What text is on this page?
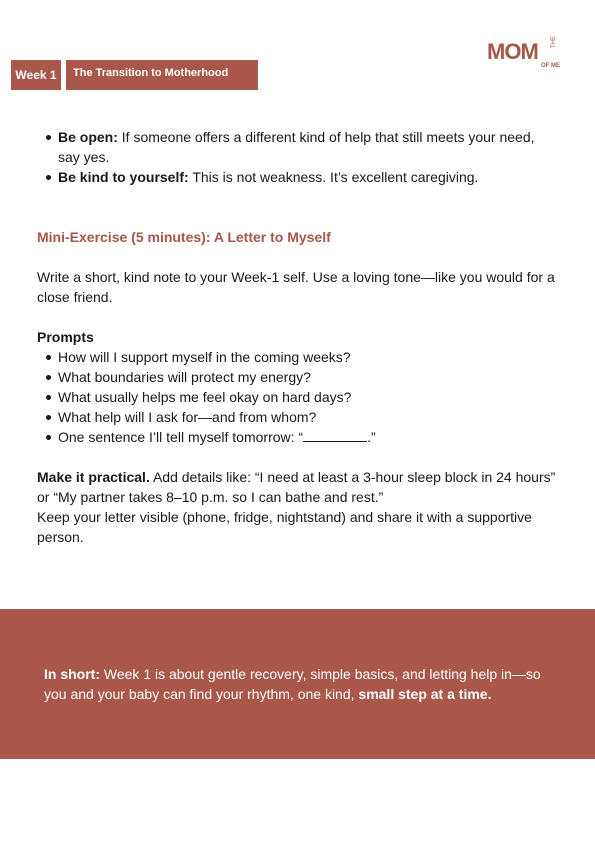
Week 1	The Transition to Motherhood
MOM THE
OF ME
Be open: If someone offers a different kind of help that still meets your need, say yes.
Be kind to yourself: This is not weakness. It’s excellent caregiving.
Mini-Exercise (5 minutes): A Letter to Myself

Write a short, kind note to your Week-1 self. Use a loving tone—like you would for a close friend.

Prompts

How will I support myself in the coming weeks?
What boundaries will protect my energy?
What usually helps me feel okay on hard days?
What help will I ask for—and from whom?
One sentence I’ll tell myself tomorrow: “	.”

Make it practical. Add details like: “I need at least a 3-hour sleep block in 24 hours” or “My partner takes 8–10 p.m. so I can bathe and rest.”
Keep your letter visible (phone, fridge, nightstand) and share it with a supportive person.

In short: Week 1 is about gentle recovery, simple basics, and letting help in—so you and your baby can find your rhythm, one kind, small step at a time.
